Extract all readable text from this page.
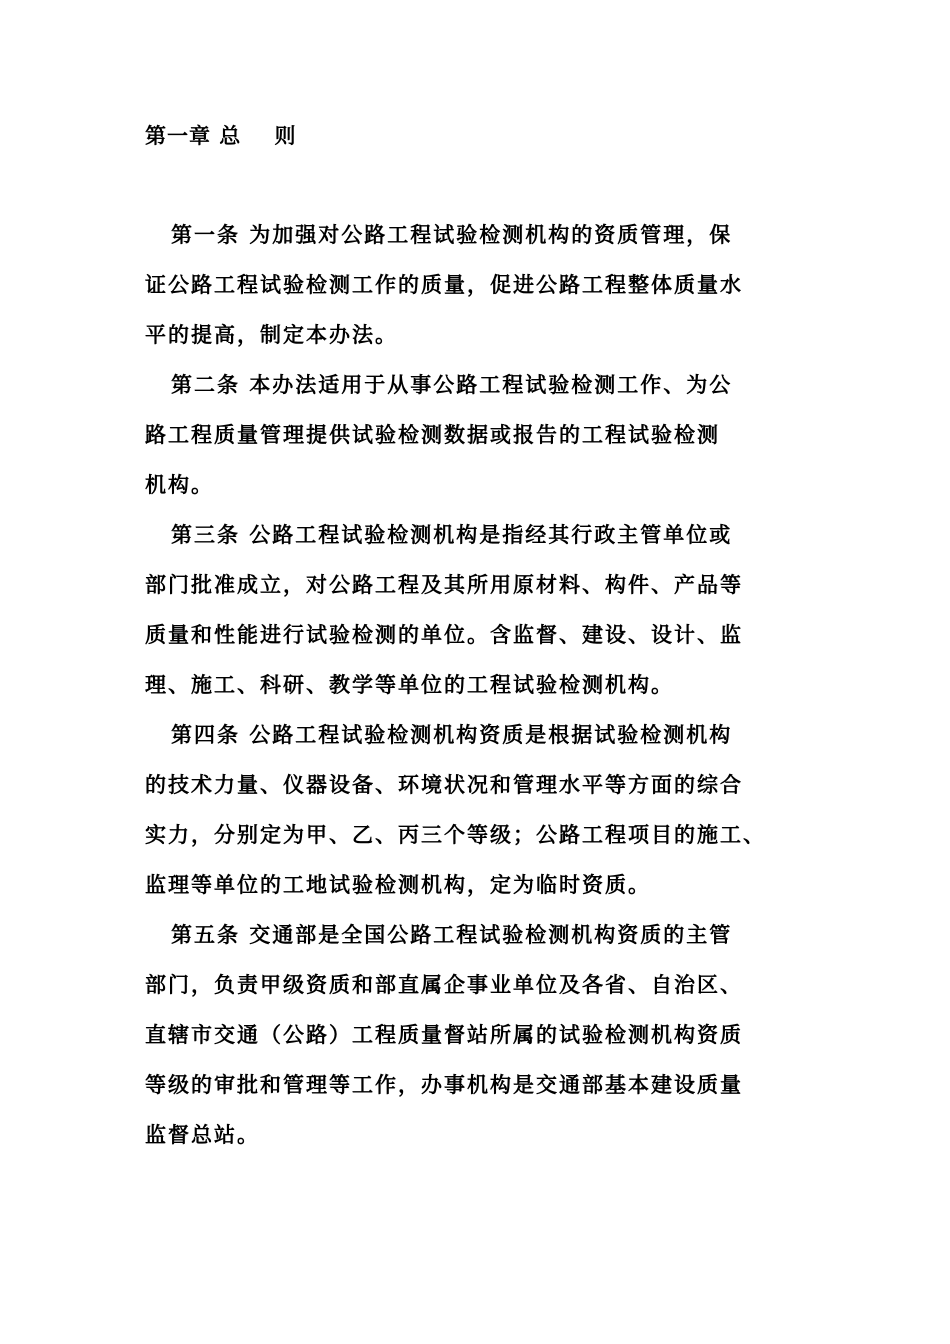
第一章 总    则
第一条 为加强对公路工程试验检测机构的资质管理，保
证公路工程试验检测工作的质量，促进公路工程整体质量水
平的提高，制定本办法。
第二条 本办法适用于从事公路工程试验检测工作、为公
路工程质量管理提供试验检测数据或报告的工程试验检测
机构。
第三条 公路工程试验检测机构是指经其行政主管单位或
部门批准成立，对公路工程及其所用原材料、构件、产品等
质量和性能进行试验检测的单位。含监督、建设、设计、监
理、施工、科研、教学等单位的工程试验检测机构。
第四条 公路工程试验检测机构资质是根据试验检测机构
的技术力量、仪器设备、环境状况和管理水平等方面的综合
实力，分别定为甲、乙、丙三个等级；公路工程项目的施工、
监理等单位的工地试验检测机构，定为临时资质。
第五条 交通部是全国公路工程试验检测机构资质的主管
部门，负责甲级资质和部直属企事业单位及各省、自治区、
直辖市交通（公路）工程质量督站所属的试验检测机构资质
等级的审批和管理等工作，办事机构是交通部基本建设质量
监督总站。
